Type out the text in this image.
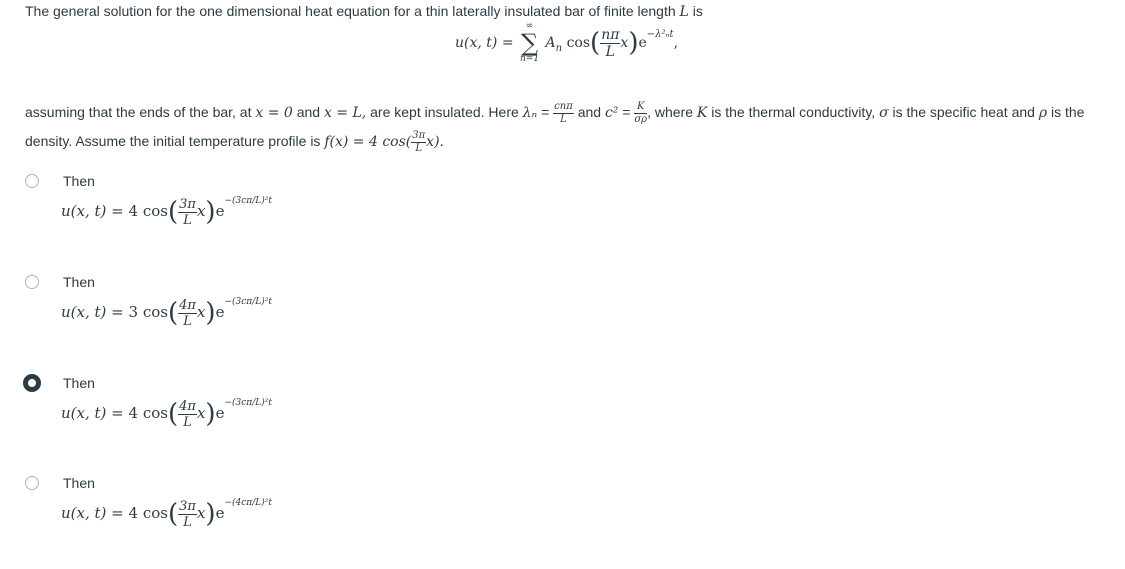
The general solution for the one dimensional heat equation for a thin laterally insulated bar of finite length L is
u(x, t) =
∞
∑
n=1
$A_n$ $\cos( \frac{n\pi}{L} x)e^{-\lambda^2_nt}$,
assuming that the ends of the bar, at x = 0 and x = L, are kept insulated. Here $\lambda_n = \frac{\text{cnπ}}{L}$ and $c^2 = \frac{K}{\sigma\rho}$ , where K is the thermal conductivity, σ is the specific heat and ρ is the
density. Assume the initial temperature profile is f(x) = 4 $\cos( \frac{3\pi}{L} x)$.
Then
u(x, t) = 4 $\cos( \frac{3\pi}{L} x)e^{-(3c\pi/L)^2t}$
Then
u(x, t) = 3 $\cos( \frac{4\pi}{L} x)e^{-(3c\pi/L)^2t}$
Then
u(x, t) = 4 $\cos( \frac{4\pi}{L} x)e^{-(3c\pi/L)^2t}$
Then
u(x, t) = 4 $\cos( \frac{3\pi}{L} x)e^{-(4c\pi/L)^2t}$
